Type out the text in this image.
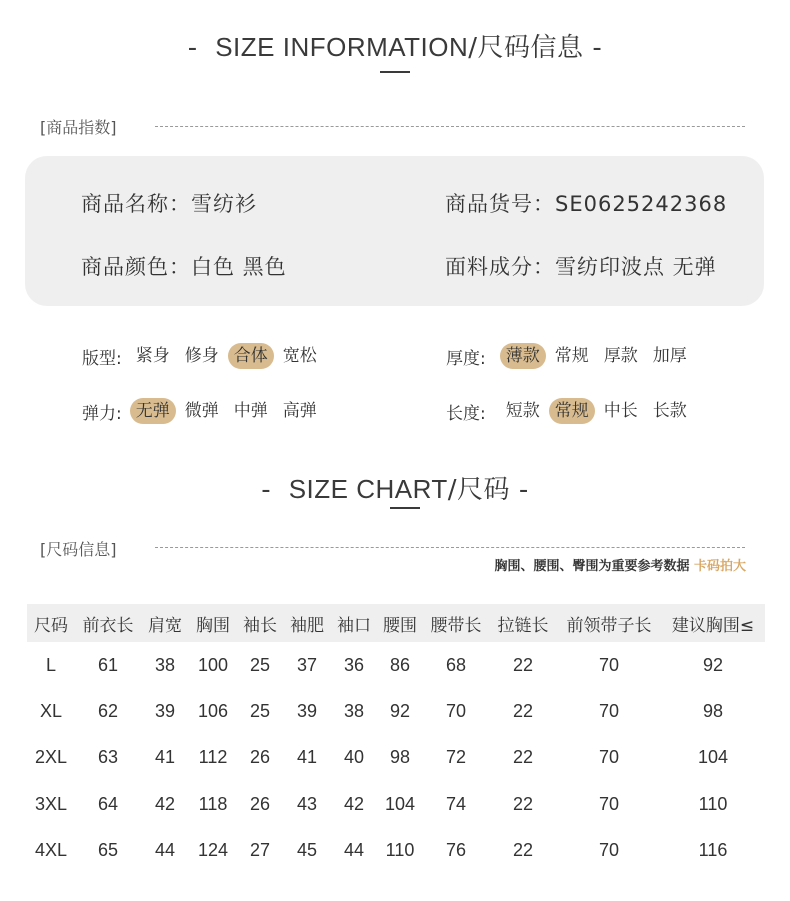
- SIZE INFORMATION/尺码信息 -
[商品指数]
商品名称：雪纺衫	商品货号：SE0625242368
商品颜色：白色 黑色	面料成分：雪纺印波点 无弹
版型: 紧身 修身 合体 宽松	厚度:	薄款 常规 厚款 加厚
弹力: 无弹 微弹 中弹 高弹	长度:	短款 常规 中长 长款
- SIZE CHART/尺码 -
[尺码信息]
胸围、腰围、臀围为重要参考数据 卡码拍大
尺码	前衣长	肩宽	胸围	袖长	袖肥	袖口	腰围	腰带长	拉链长	前领带子长	建议胸围≤
L	61	38	100	25	37	36	86	68	22	70	92
XL	62	39	106	25	39	38	92	70	22	70	98
2XL	63	41	112	26	41	40	98	72	22	70	104
3XL	64	42	118	26	43	42	104	74	22	70	110
4XL	65	44	124	27	45	44	110	76	22	70	116
